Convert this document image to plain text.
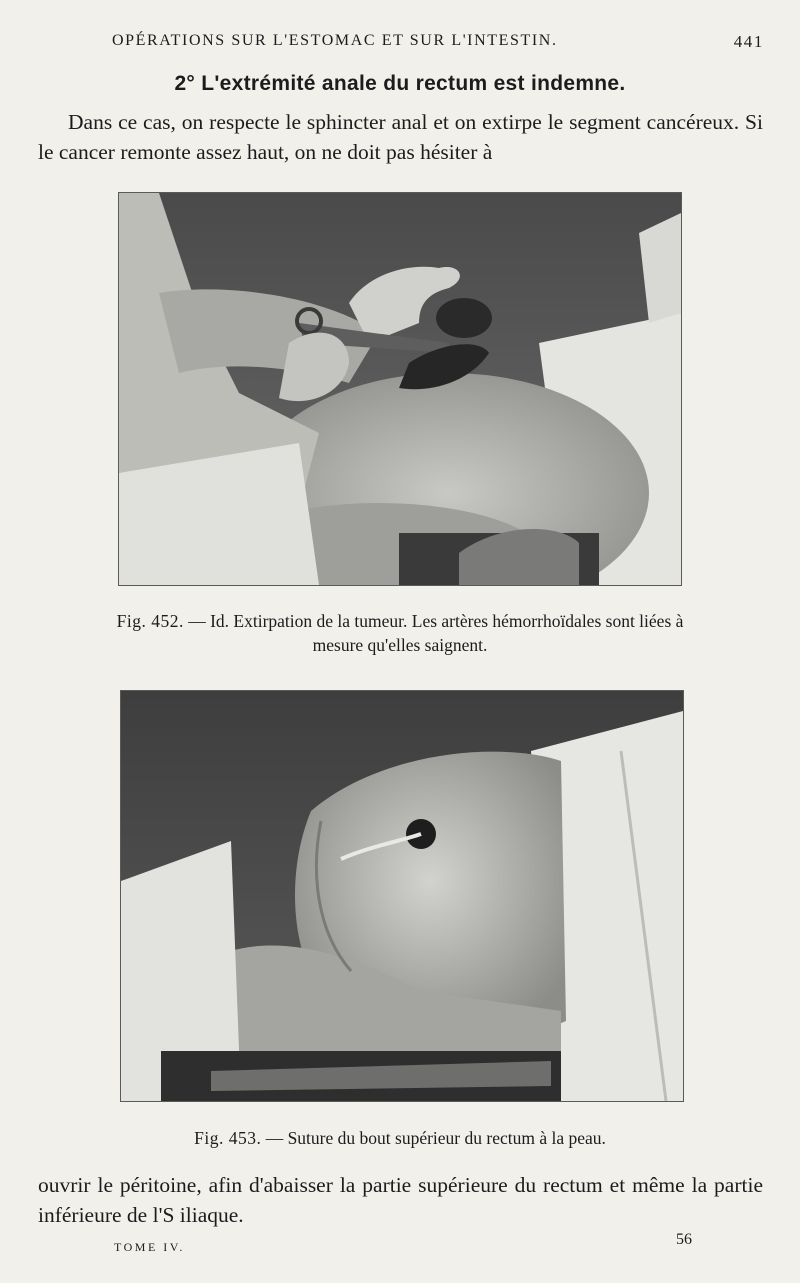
OPÉRATIONS SUR L'ESTOMAC ET SUR L'INTESTIN.	441
2° L'extrémité anale du rectum est indemne.
Dans ce cas, on respecte le sphincter anal et on extirpe le segment cancéreux. Si le cancer remonte assez haut, on ne doit pas hésiter à
Fig. 452. — Id. Extirpation de la tumeur. Les artères hémorrhoïdales sont liées à mesure qu'elles saignent.
Fig. 453. — Suture du bout supérieur du rectum à la peau.
ouvrir le péritoine, afin d'abaisser la partie supérieure du rectum et même la partie inférieure de l'S iliaque.
TOME IV.	56
